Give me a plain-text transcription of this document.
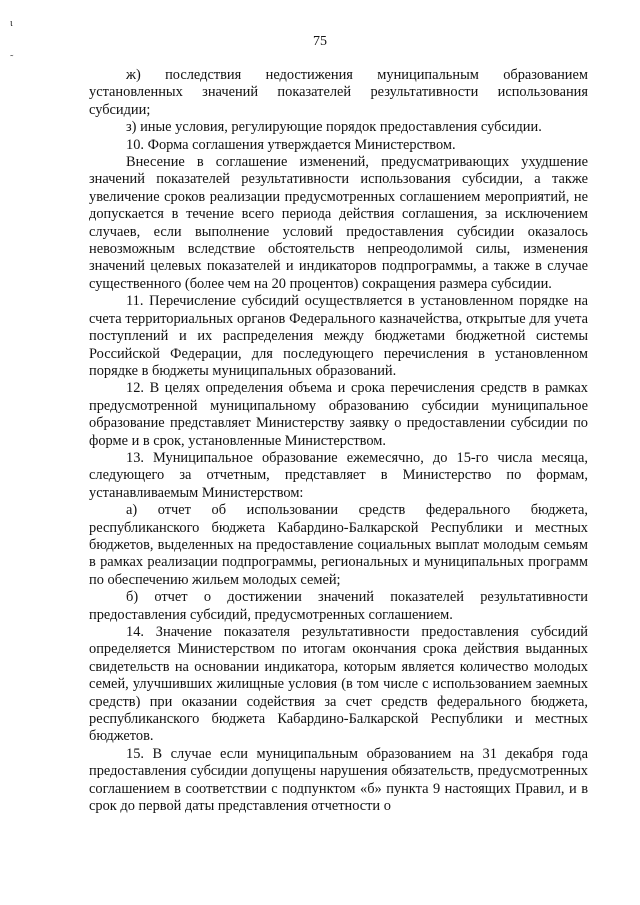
75
ι
˜

ж) последствия недостижения муниципальным образованием установленных значений показателей результативности использования субсидии;

з) иные условия, регулирующие порядок предоставления субсидии.

10. Форма соглашения утверждается Министерством.

Внесение в соглашение изменений, предусматривающих ухудшение значений показателей результативности использования субсидии, а также увеличение сроков реализации предусмотренных соглашением мероприятий, не допускается в течение всего периода действия соглашения, за исключением случаев, если выполнение условий предоставления субсидии оказалось невозможным вследствие обстоятельств непреодолимой силы, изменения значений целевых показателей и индикаторов подпрограммы, а также в случае существенного (более чем на 20 процентов) сокращения размера субсидии.

11. Перечисление субсидий осуществляется в установленном порядке на счета территориальных органов Федерального казначейства, открытые для учета поступлений и их распределения между бюджетами бюджетной системы Российской Федерации, для последующего перечисления в установленном порядке в бюджеты муниципальных образований.

12. В целях определения объема и срока перечисления средств в рамках предусмотренной муниципальному образованию субсидии муниципальное образование представляет Министерству заявку о предоставлении субсидии по форме и в срок, установленные Министерством.

13. Муниципальное образование ежемесячно, до 15-го числа месяца, следующего за отчетным, представляет в Министерство по формам, устанавливаемым Министерством:

а) отчет об использовании средств федерального бюджета, республиканского бюджета Кабардино-Балкарской Республики и местных бюджетов, выделенных на предоставление социальных выплат молодым семьям в рамках реализации подпрограммы, региональных и муниципальных программ по обеспечению жильем молодых семей;

б) отчет о достижении значений показателей результативности предоставления субсидий, предусмотренных соглашением.

14. Значение показателя результативности предоставления субсидий определяется Министерством по итогам окончания срока действия выданных свидетельств на основании индикатора, которым является количество молодых семей, улучшивших жилищные условия (в том числе с использованием заемных средств) при оказании содействия за счет средств федерального бюджета, республиканского бюджета Кабардино-Балкарской Республики и местных бюджетов.

15. В случае если муниципальным образованием на 31 декабря года предоставления субсидии допущены нарушения обязательств, предусмотренных соглашением в соответствии с подпунктом «б» пункта 9 настоящих Правил, и в срок до первой даты представления отчетности о
